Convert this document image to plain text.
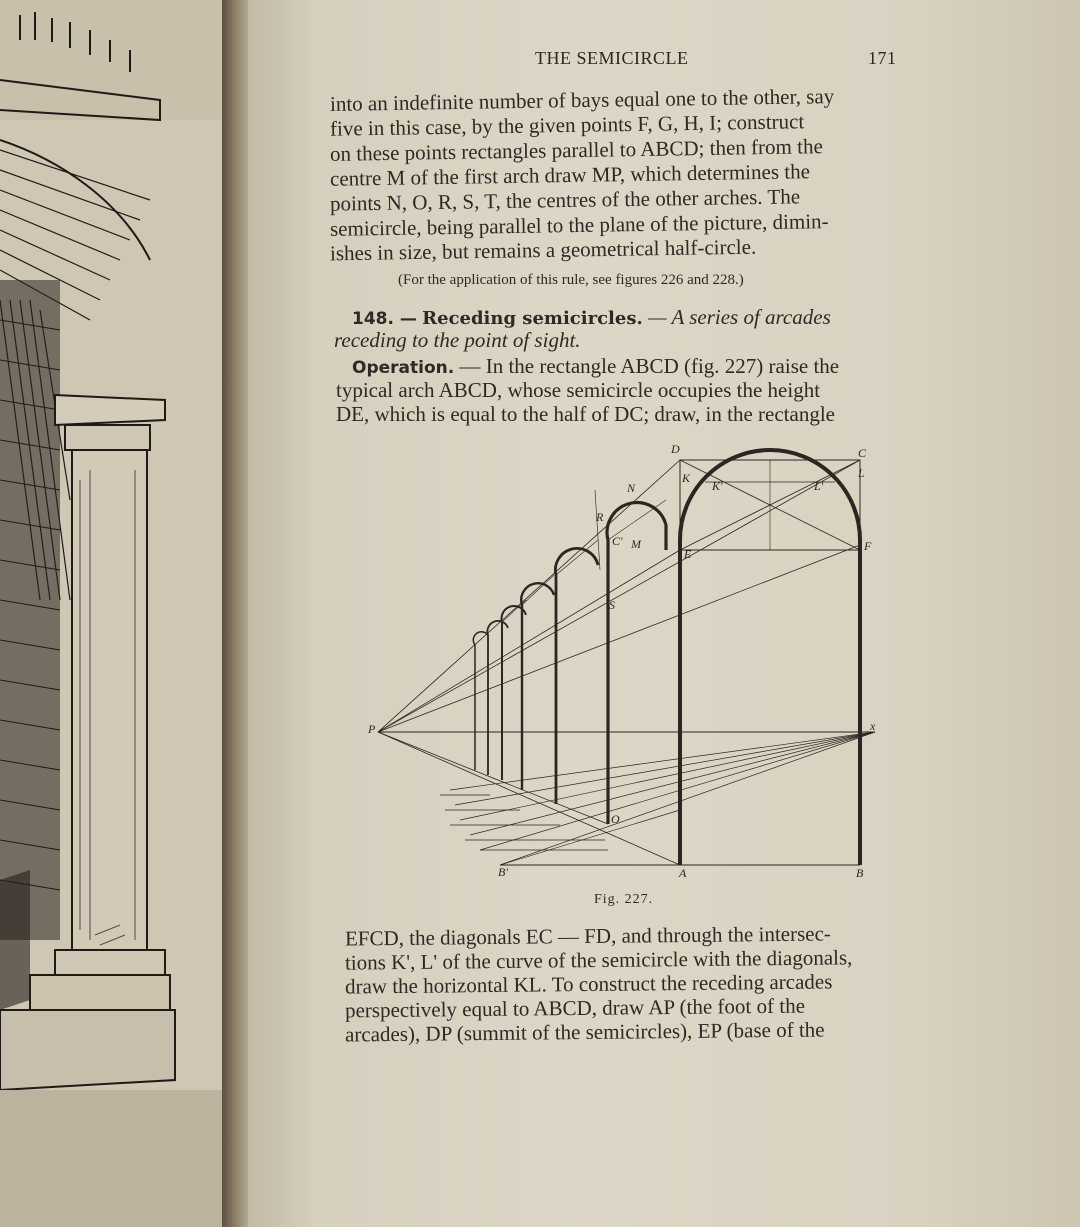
THE SEMICIRCLE	171
into an indefinite number of bays equal one to the other, say
five in this case, by the given points F, G, H, I; construct
on these points rectangles parallel to ABCD; then from the
centre M of the first arch draw MP, which determines the
points N, O, R, S, T, the centres of the other arches. The
semicircle, being parallel to the plane of the picture, dimin-
ishes in size, but remains a geometrical half-circle.
(For the application of this rule, see figures 226 and 228.)
148. — Receding semicircles. — A series of arcades
receding to the point of sight.
Operation. — In the rectangle ABCD (fig. 227) raise the
typical arch ABCD, whose semicircle occupies the height
DE, which is equal to the half of DC; draw, in the rectangle
D	C
L
K
K'	L'
F
E
N
R
C' M
S
P	x
O
B'	A	B
Fig. 227.
EFCD, the diagonals EC — FD, and through the intersec-
tions K', L' of the curve of the semicircle with the diagonals,
draw the horizontal KL. To construct the receding arcades
perspectively equal to ABCD, draw AP (the foot of the
arcades), DP (summit of the semicircles), EP (base of the
